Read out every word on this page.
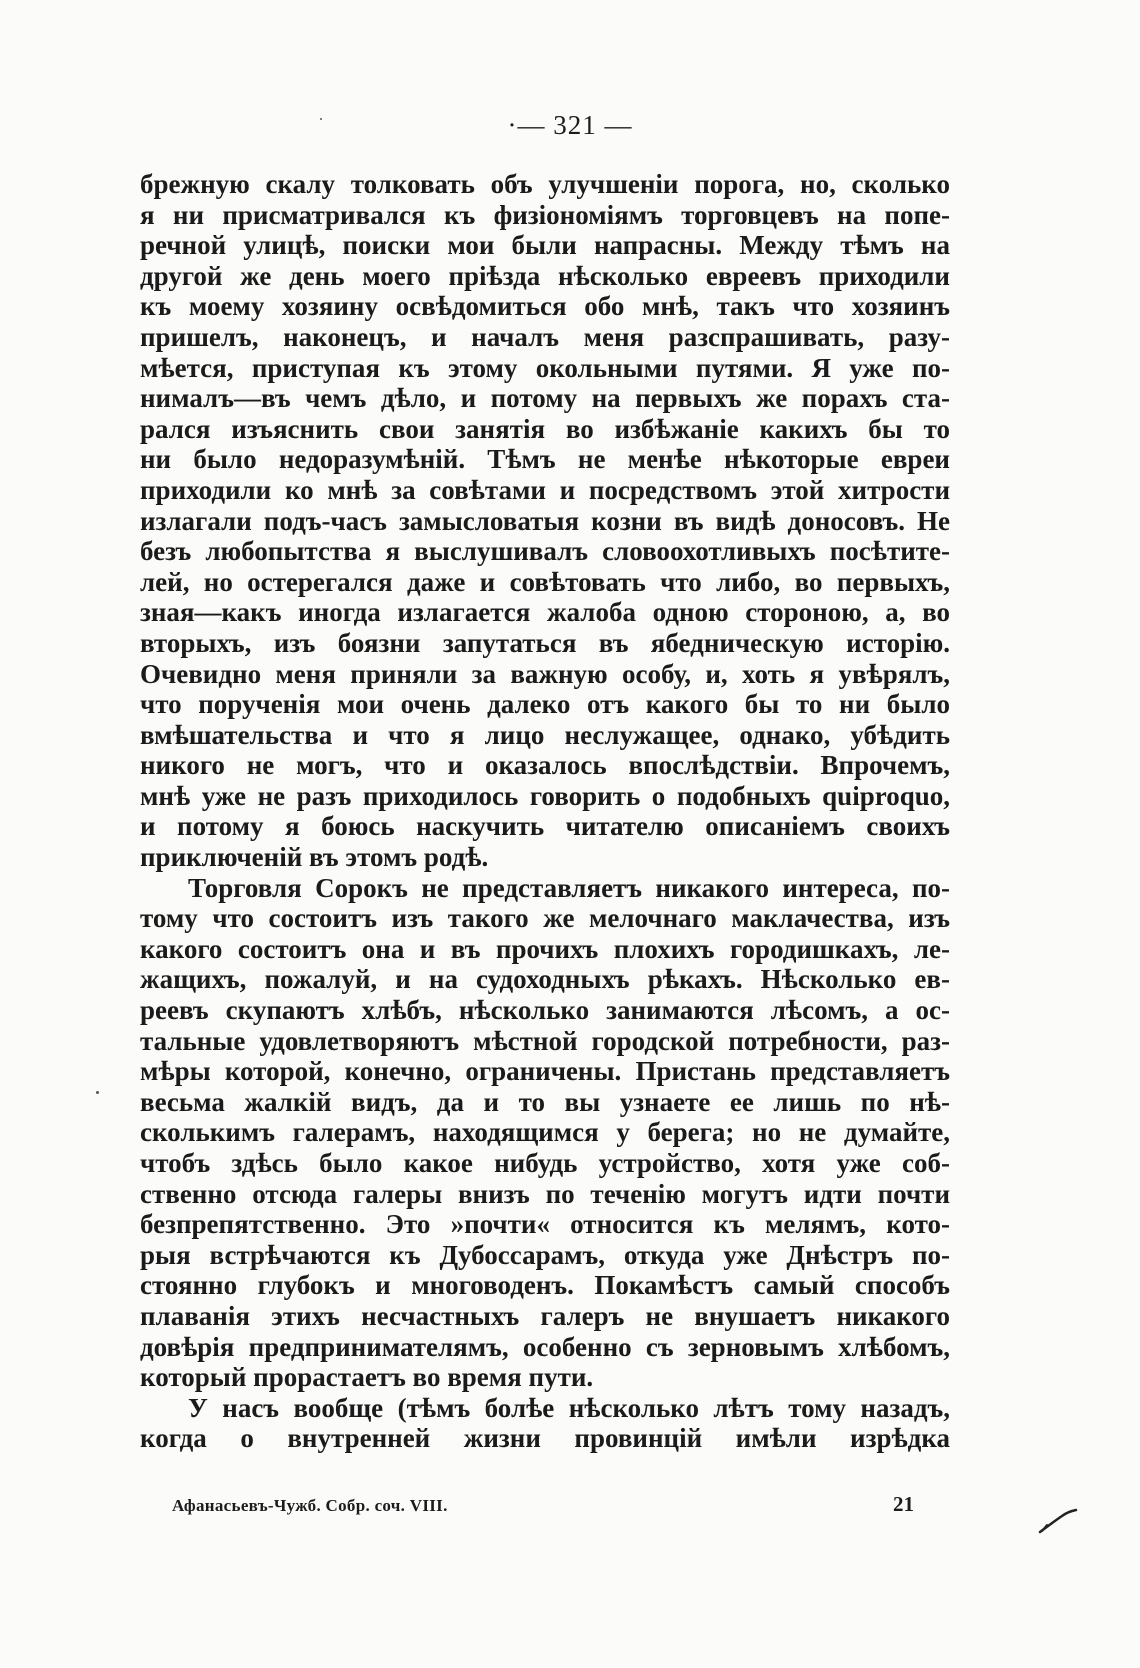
·— 321 —
брежную скалу толковать объ улучшеніи порога, но, сколько
я ни присматривался къ физіономіямъ торговцевъ на попе-
речной улицѣ, поиски мои были напрасны. Между тѣмъ на
другой же день моего пріѣзда нѣсколько евреевъ приходили
къ моему хозяину освѣдомиться обо мнѣ, такъ что хозяинъ
пришелъ, наконецъ, и началъ меня разспрашивать, разу-
мѣется, приступая къ этому окольными путями. Я уже по-
нималъ—въ чемъ дѣло, и потому на первыхъ же порахъ ста-
рался изъяснить свои занятія во избѣжаніе какихъ бы то
ни было недоразумѣній. Тѣмъ не менѣе нѣкоторые евреи
приходили ко мнѣ за совѣтами и посредствомъ этой хитрости
излагали подъ-часъ замысловатыя козни въ видѣ доносовъ. Не
безъ любопытства я выслушивалъ словоохотливыхъ посѣтите-
лей, но остерегался даже и совѣтовать что либо, во первыхъ,
зная—какъ иногда излагается жалоба одною стороною, а, во
вторыхъ, изъ боязни запутаться въ ябедническую исторію.
Очевидно меня приняли за важную особу, и, хоть я увѣрялъ,
что порученія мои очень далеко отъ какого бы то ни было
вмѣшательства и что я лицо неслужащее, однако, убѣдить
никого не могъ, что и оказалось впослѣдствіи. Впрочемъ,
мнѣ уже не разъ приходилось говорить о подобныхъ quiproquo,
и потому я боюсь наскучить читателю описаніемъ своихъ
приключеній въ этомъ родѣ.
Торговля Сорокъ не представляетъ никакого интереса, по-
тому что состоитъ изъ такого же мелочнаго маклачества, изъ
какого состоитъ она и въ прочихъ плохихъ городишкахъ, ле-
жащихъ, пожалуй, и на судоходныхъ рѣкахъ. Нѣсколько ев-
реевъ скупаютъ хлѣбъ, нѣсколько занимаются лѣсомъ, а ос-
тальные удовлетворяютъ мѣстной городской потребности, раз-
мѣры которой, конечно, ограничены. Пристань представляетъ
весьма жалкій видъ, да и то вы узнаете ее лишь по нѣ-
сколькимъ галерамъ, находящимся у берега; но не думайте,
чтобъ здѣсь было какое нибудь устройство, хотя уже соб-
ственно отсюда галеры внизъ по теченію могутъ идти почти
безпрепятственно. Это »почти« относится къ мелямъ, кото-
рыя встрѣчаются къ Дубоссарамъ, откуда уже Днѣстръ по-
стоянно глубокъ и многоводенъ. Покамѣстъ самый способъ
плаванія этихъ несчастныхъ галеръ не внушаетъ никакого
довѣрія предпринимателямъ, особенно съ зерновымъ хлѣбомъ,
который прорастаетъ во время пути.
У насъ вообще (тѣмъ болѣе нѣсколько лѣтъ тому назадъ,
когда о внутренней жизни провинцій имѣли изрѣдка
Афанасьевъ-Чужб. Собр. соч. VIII.	21
